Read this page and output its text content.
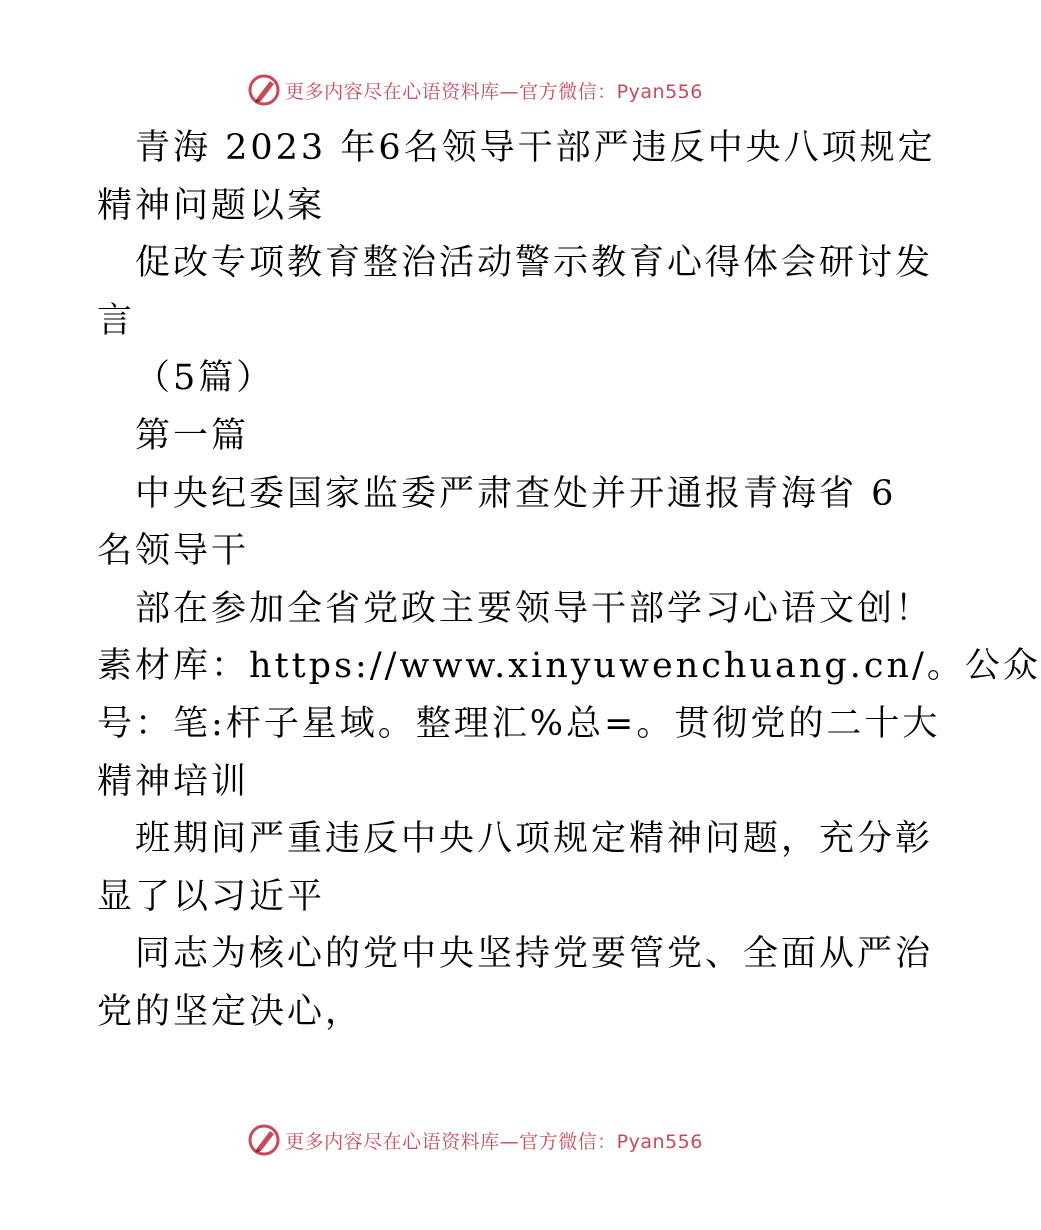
更多内容尽在心语资料库—官方微信：Pyan556
青海 2023 年6名领导干部严违反中央八项规定
精神问题以案
促改专项教育整治活动警示教育心得体会研讨发
言
（5篇）
第一篇
中央纪委国家监委严肃查处并开通报青海省 6
名领导干
部在参加全省党政主要领导干部学习心语文创！
素材库：https://www.xinyuwenchuang.cn/。公众
号：笔:杆子星域。整理汇%总=。贯彻党的二十大
精神培训
班期间严重违反中央八项规定精神问题，充分彰
显了以习近平
同志为核心的党中央坚持党要管党、全面从严治
党的坚定决心，
更多内容尽在心语资料库—官方微信：Pyan556
